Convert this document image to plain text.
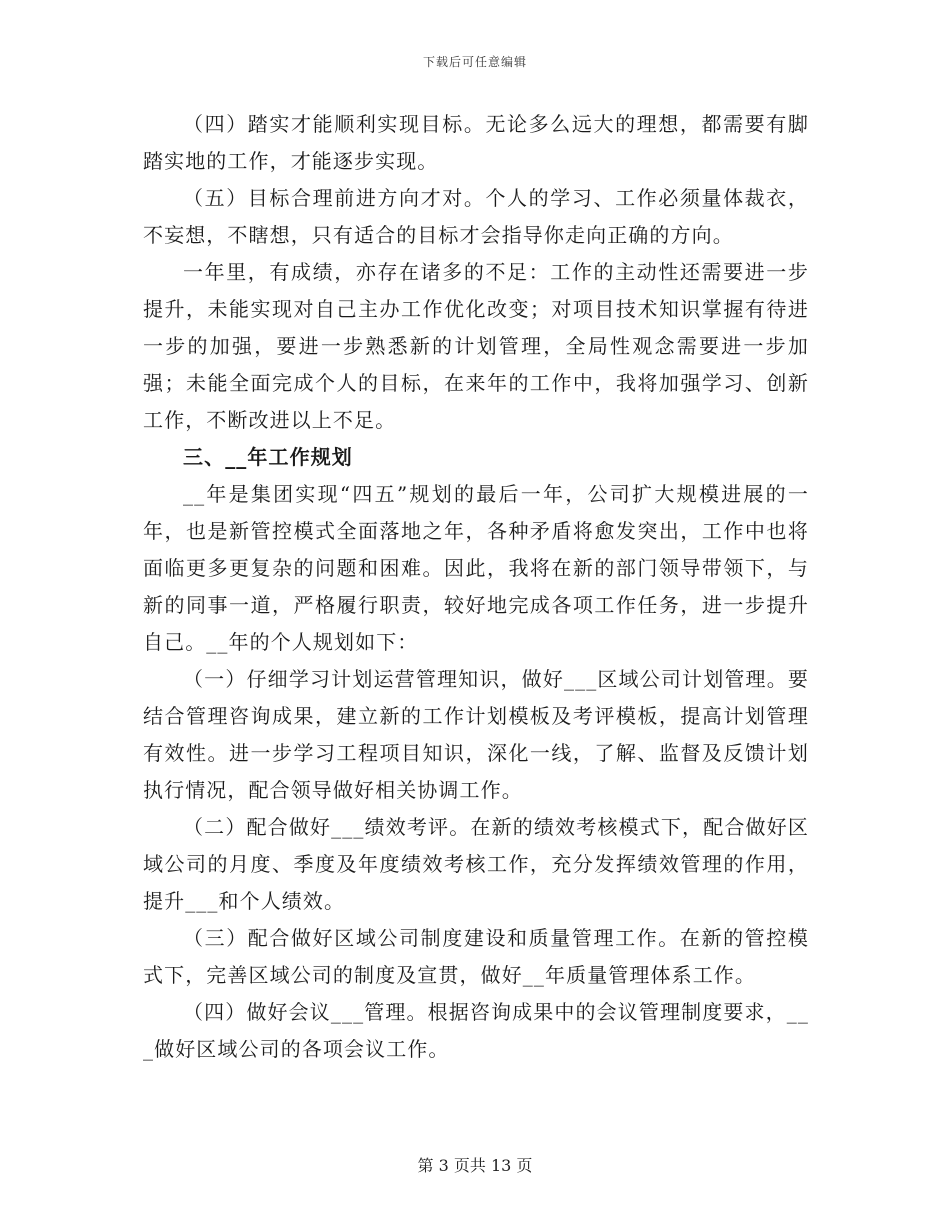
下载后可任意编辑

（四）踏实才能顺利实现目标。无论多么远大的理想，都需要有脚踏实地的工作，才能逐步实现。

（五）目标合理前进方向才对。个人的学习、工作必须量体裁衣，不妄想，不瞎想，只有适合的目标才会指导你走向正确的方向。

一年里，有成绩，亦存在诸多的不足：工作的主动性还需要进一步提升，未能实现对自己主办工作优化改变；对项目技术知识掌握有待进一步的加强，要进一步熟悉新的计划管理，全局性观念需要进一步加强；未能全面完成个人的目标，在来年的工作中，我将加强学习、创新工作，不断改进以上不足。

三、__年工作规划

__年是集团实现“四五”规划的最后一年，公司扩大规模进展的一年，也是新管控模式全面落地之年，各种矛盾将愈发突出，工作中也将面临更多更复杂的问题和困难。因此，我将在新的部门领导带领下，与新的同事一道，严格履行职责，较好地完成各项工作任务，进一步提升自己。__年的个人规划如下：

（一）仔细学习计划运营管理知识，做好___区域公司计划管理。要结合管理咨询成果，建立新的工作计划模板及考评模板，提高计划管理有效性。进一步学习工程项目知识，深化一线，了解、监督及反馈计划执行情况，配合领导做好相关协调工作。

（二）配合做好___绩效考评。在新的绩效考核模式下，配合做好区域公司的月度、季度及年度绩效考核工作，充分发挥绩效管理的作用，提升___和个人绩效。

（三）配合做好区域公司制度建设和质量管理工作。在新的管控模式下，完善区域公司的制度及宣贯，做好__年质量管理体系工作。

（四）做好会议___管理。根据咨询成果中的会议管理制度要求，___做好区域公司的各项会议工作。

第 3 页共 13 页
